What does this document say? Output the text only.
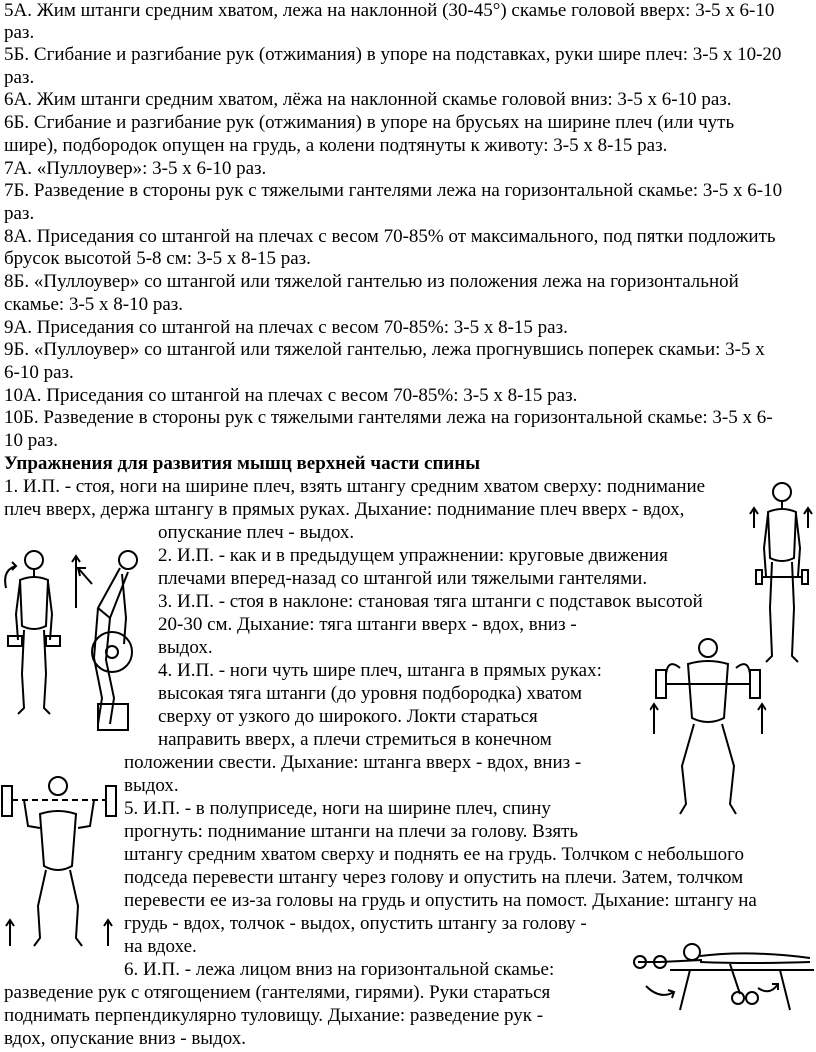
5А. Жим штанги средним хватом, лежа на наклонной (30-45°) скамье головой вверх: 3-5 х 6-10
раз.
5Б. Сгибание и разгибание рук (отжимания) в упоре на подставках, руки шире плеч: 3-5 х 10-20
раз.
6А. Жим штанги средним хватом, лёжа на наклонной скамье головой вниз: 3-5 х 6-10 раз.
6Б. Сгибание и разгибание рук (отжимания) в упоре на брусьях на ширине плеч (или чуть
шире), подбородок опущен на грудь, а колени подтянуты к животу: 3-5 х 8-15 раз.
7А. «Пуллоувер»: 3-5 х 6-10 раз.
7Б. Разведение в стороны рук с тяжелыми гантелями лежа на горизонтальной скамье: 3-5 х 6-10
раз.
8А. Приседания со штангой на плечах с весом 70-85% от максимального, под пятки подложить
брусок высотой 5-8 см: 3-5 х 8-15 раз.
8Б. «Пуллоувер» со штангой или тяжелой гантелью из положения лежа на горизонтальной
скамье: 3-5 х 8-10 раз.
9А. Приседания со штангой на плечах с весом 70-85%: 3-5 х 8-15 раз.
9Б. «Пуллоувер» со штангой или тяжелой гантелью, лежа прогнувшись поперек скамьи: 3-5 х
6-10 раз.
10А. Приседания со штангой на плечах с весом 70-85%: 3-5 х 8-15 раз.
10Б. Разведение в стороны рук с тяжелыми гантелями лежа на горизонтальной скамье: 3-5 х 6-
10 раз.
Упражнения для развития мышц верхней части спины
1. И.П. - стоя, ноги на ширине плеч, взять штангу средним хватом сверху: поднимание
плеч вверх, держа штангу в прямых руках. Дыхание: поднимание плеч вверх - вдох,
опускание плеч - выдох.
2. И.П. - как и в предыдущем упражнении: круговые движения
плечами вперед-назад со штангой или тяжелыми гантелями.
3. И.П. - стоя в наклоне: становая тяга штанги с подставок высотой
20-30 см. Дыхание: тяга штанги вверх - вдох, вниз -
выдох.
4. И.П. - ноги чуть шире плеч, штанга в прямых руках:
высокая тяга штанги (до уровня подбородка) хватом
сверху от узкого до широкого. Локти стараться
направить вверх, а плечи стремиться в конечном
положении свести. Дыхание: штанга вверх - вдох, вниз -
выдох.
5. И.П. - в полуприседе, ноги на ширине плеч, спину
прогнуть: поднимание штанги на плечи за голову. Взять
штангу средним хватом сверху и поднять ее на грудь. Толчком с небольшого
подседа перевести штангу через голову и опустить на плечи. Затем, толчком
перевести ее из-за головы на грудь и опустить на помост. Дыхание: штангу на
грудь - вдох, толчок - выдох, опустить штангу за голову -
на вдохе.
6. И.П. - лежа лицом вниз на горизонтальной скамье:
разведение рук с отягощением (гантелями, гирями). Руки стараться
поднимать перпендикулярно туловищу. Дыхание: разведение рук -
вдох, опускание вниз - выдох.
